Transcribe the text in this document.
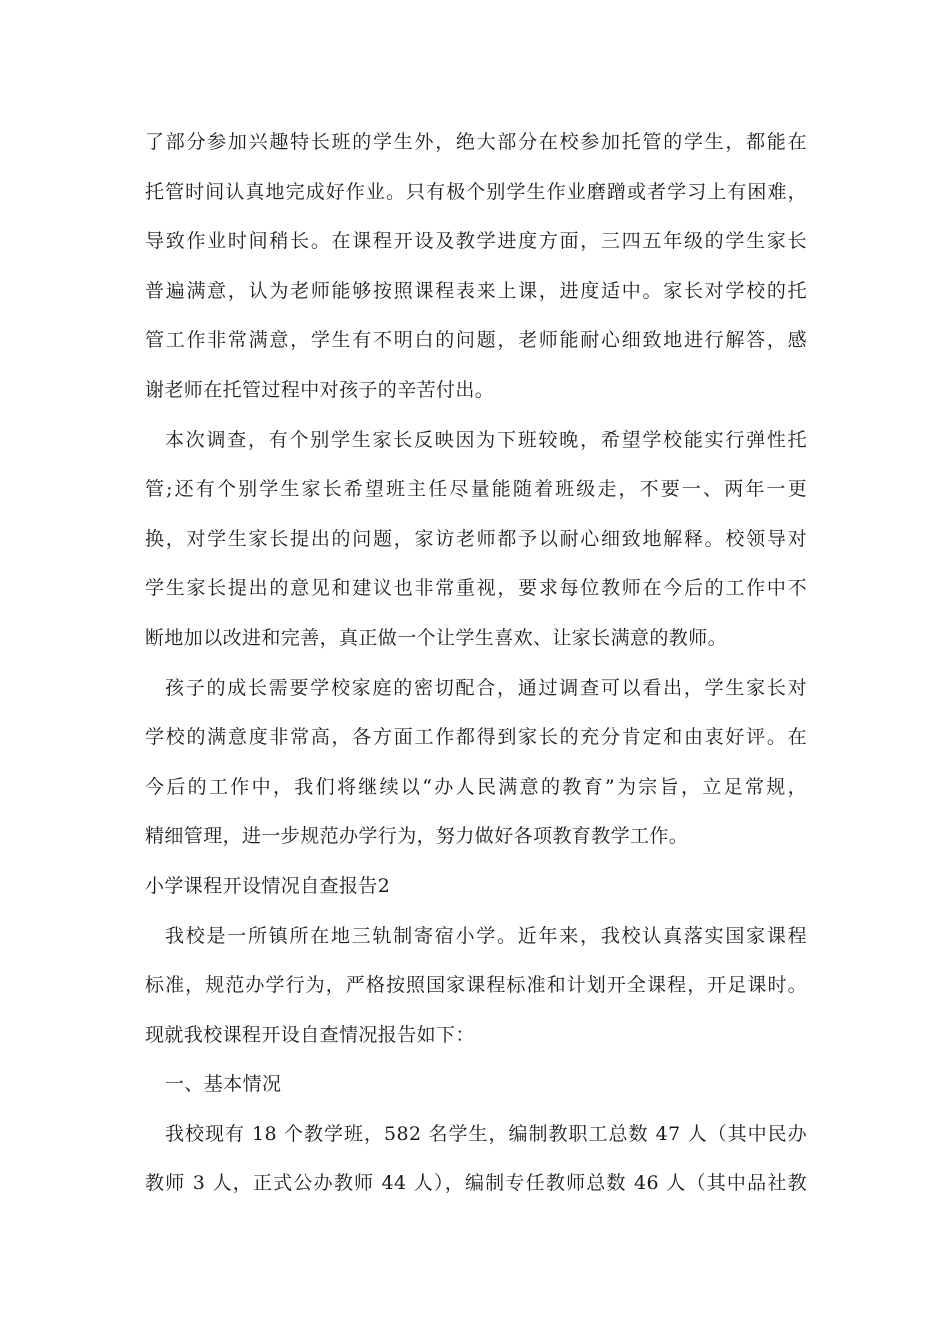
了部分参加兴趣特长班的学生外，绝大部分在校参加托管的学生，都能在
托管时间认真地完成好作业。只有极个别学生作业磨蹭或者学习上有困难，
导致作业时间稍长。在课程开设及教学进度方面，三四五年级的学生家长
普遍满意，认为老师能够按照课程表来上课，进度适中。家长对学校的托
管工作非常满意，学生有不明白的问题，老师能耐心细致地进行解答，感
谢老师在托管过程中对孩子的辛苦付出。
本次调查，有个别学生家长反映因为下班较晚，希望学校能实行弹性托
管;还有个别学生家长希望班主任尽量能随着班级走，不要一、两年一更
换，对学生家长提出的问题，家访老师都予以耐心细致地解释。校领导对
学生家长提出的意见和建议也非常重视，要求每位教师在今后的工作中不
断地加以改进和完善，真正做一个让学生喜欢、让家长满意的教师。
孩子的成长需要学校家庭的密切配合，通过调查可以看出，学生家长对
学校的满意度非常高，各方面工作都得到家长的充分肯定和由衷好评。在
今后的工作中，我们将继续以“办人民满意的教育”为宗旨，立足常规，
精细管理，进一步规范办学行为，努力做好各项教育教学工作。
小学课程开设情况自查报告2
我校是一所镇所在地三轨制寄宿小学。近年来，我校认真落实国家课程
标准，规范办学行为，严格按照国家课程标准和计划开全课程，开足课时。
现就我校课程开设自查情况报告如下：
一、基本情况
我校现有 18 个教学班，582 名学生，编制教职工总数 47 人（其中民办
教师 3 人，正式公办教师 44 人），编制专任教师总数 46 人（其中品社教
